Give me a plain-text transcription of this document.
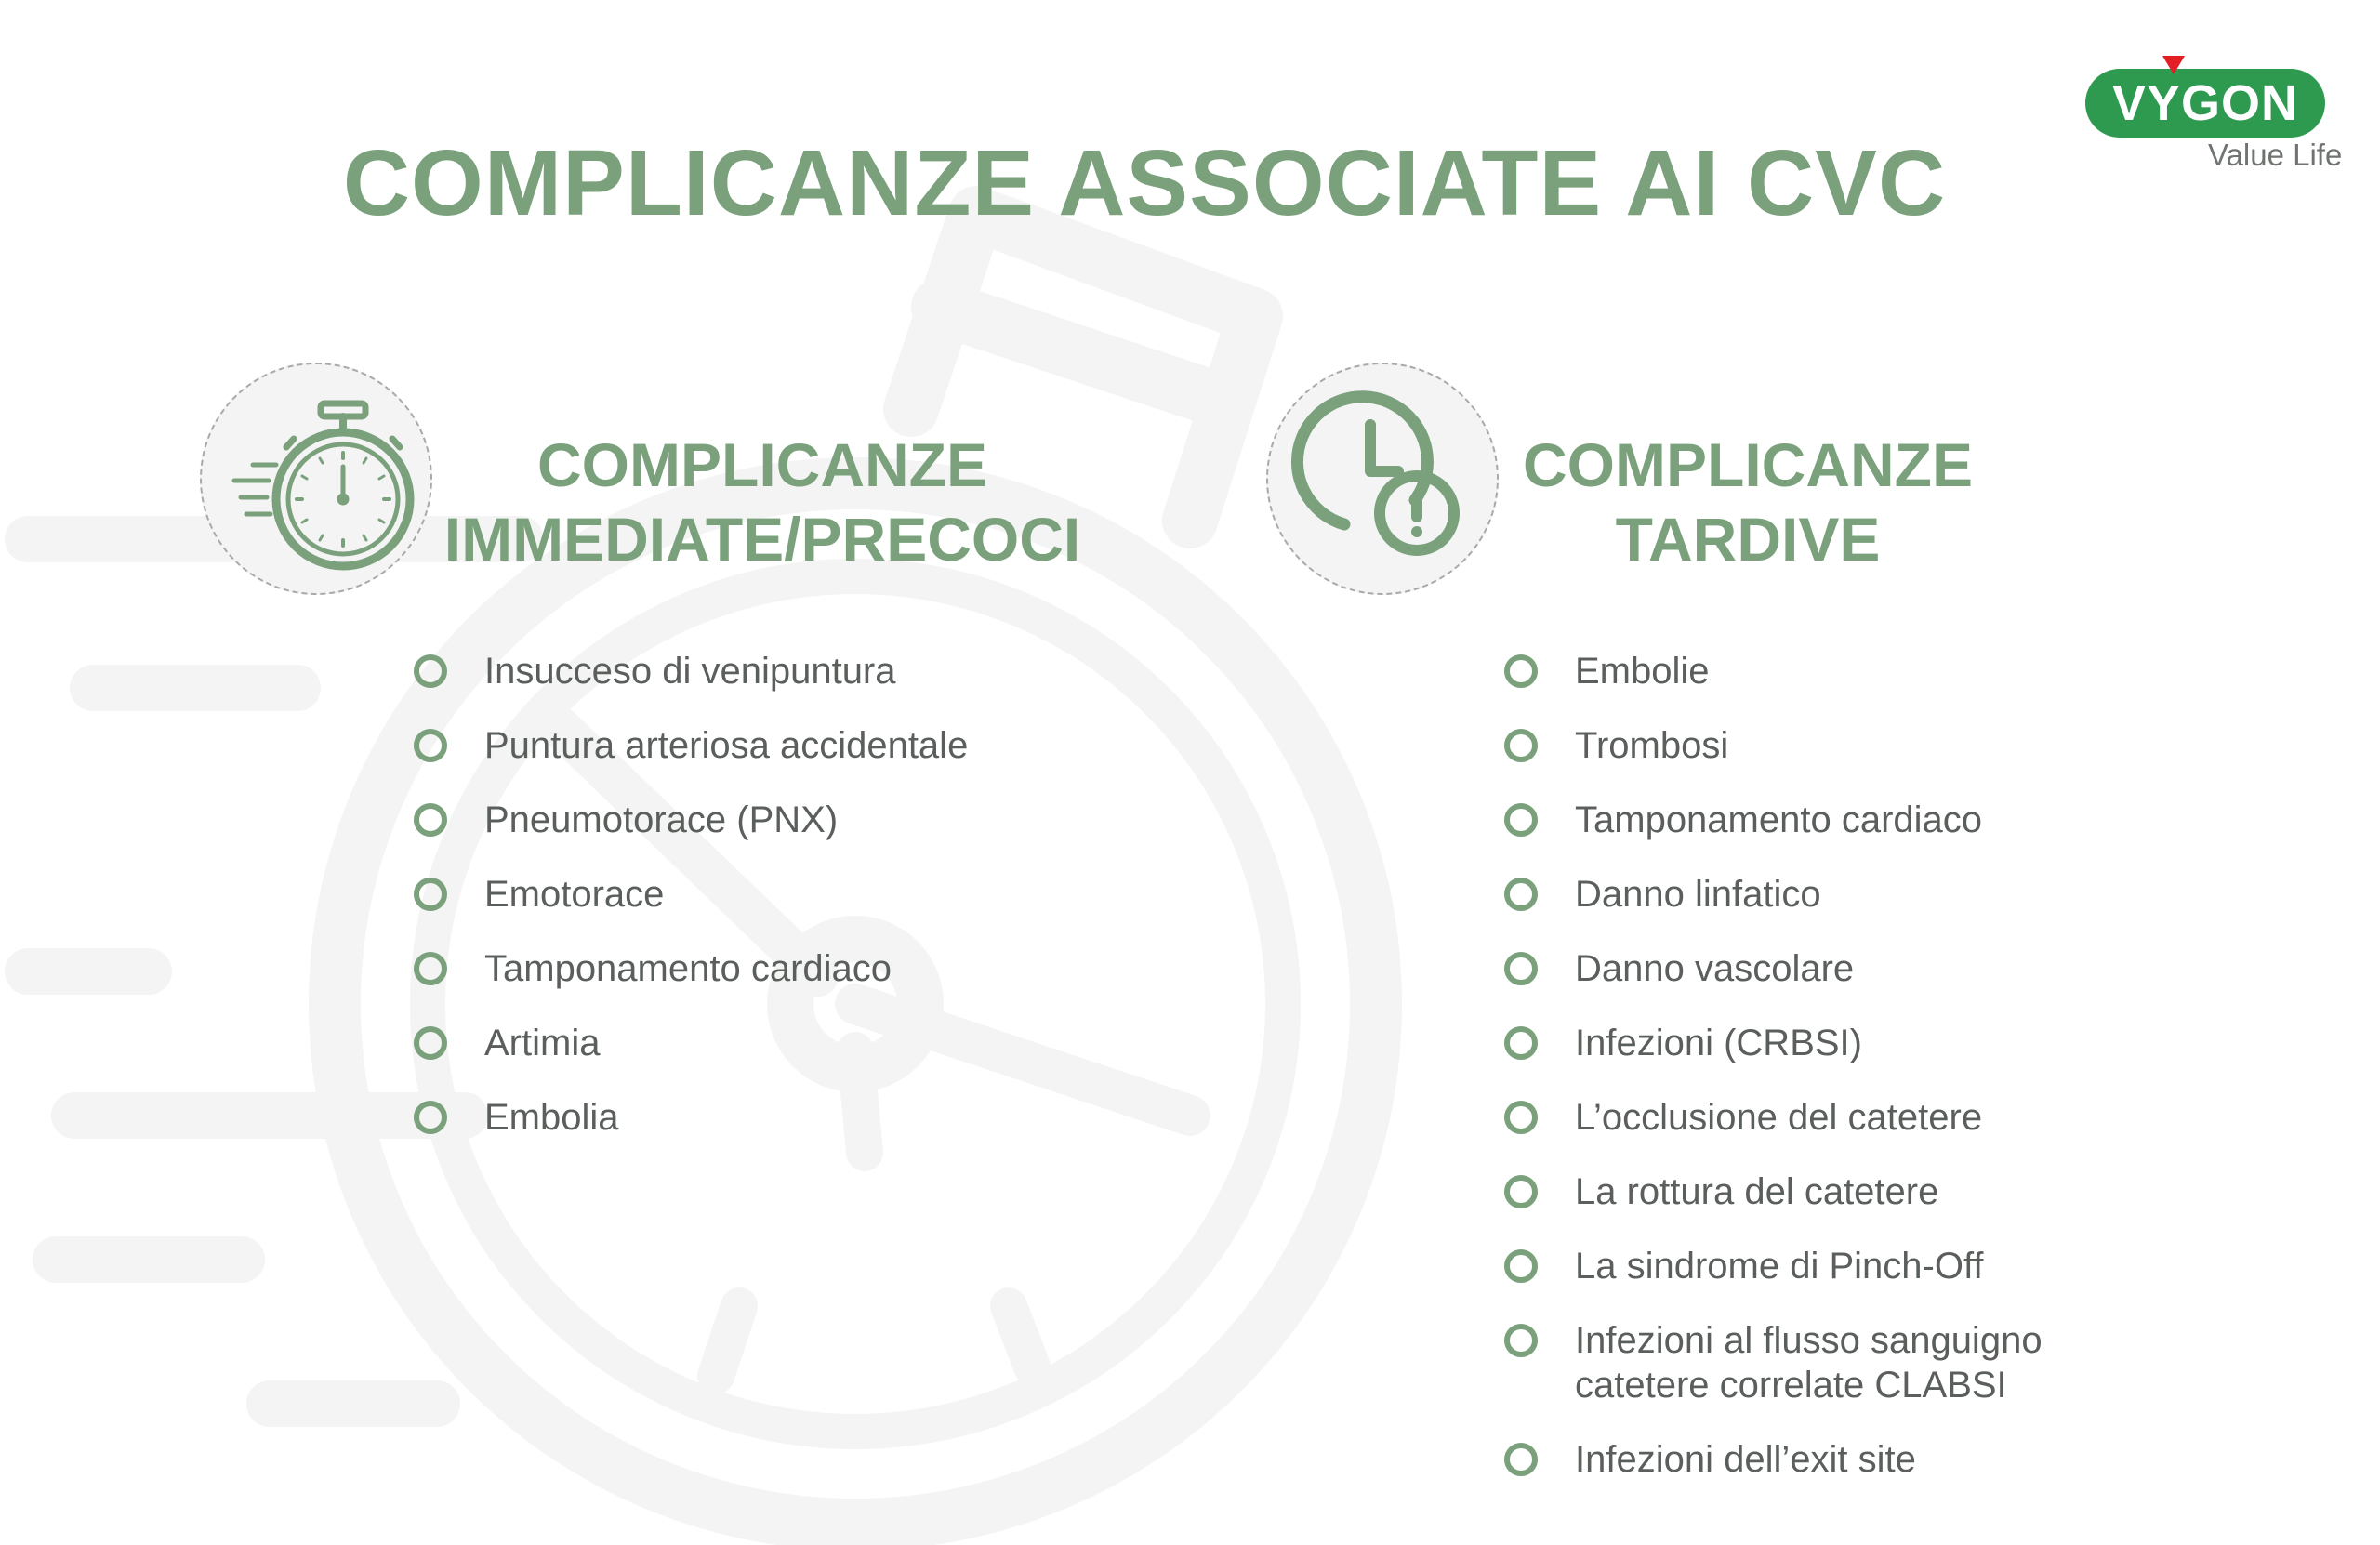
VYGON
Value Life
COMPLICANZE ASSOCIATE AI CVC
COMPLICANZE
IMMEDIATE/PRECOCI
Insucceso di venipuntura
Puntura arteriosa accidentale
Pneumotorace (PNX)
Emotorace
Tamponamento cardiaco
Artimia
Embolia
COMPLICANZE
TARDIVE
Embolie
Trombosi
Tamponamento cardiaco
Danno linfatico
Danno vascolare
Infezioni (CRBSI)
L’occlusione del catetere
La rottura del catetere
La sindrome di Pinch-Off
Infezioni al flusso sanguigno catetere correlate CLABSI
Infezioni dell’exit site
